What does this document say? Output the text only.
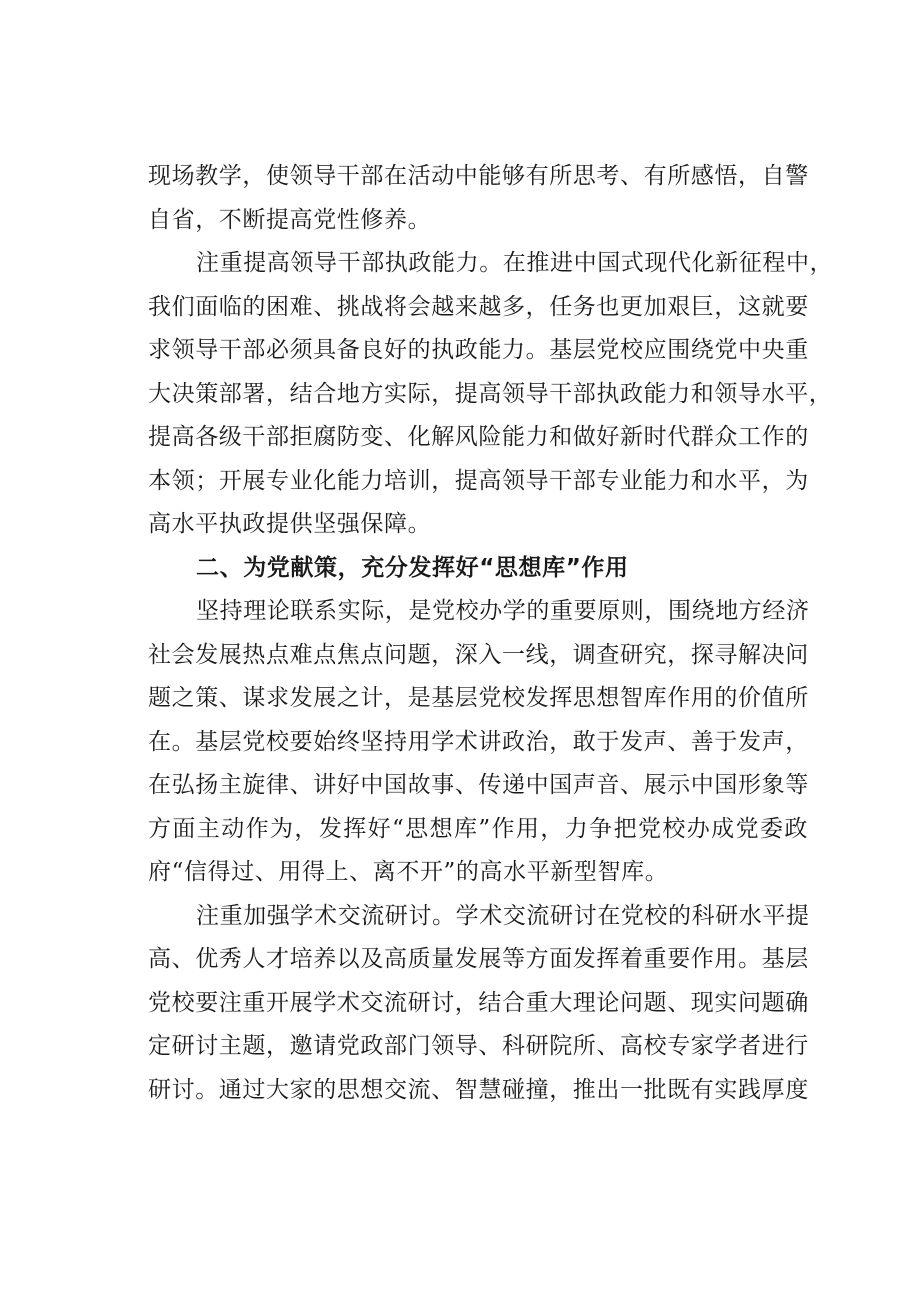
现场教学，使领导干部在活动中能够有所思考、有所感悟，自警
自省，不断提高党性修养。
注重提高领导干部执政能力。在推进中国式现代化新征程中，
我们面临的困难、挑战将会越来越多，任务也更加艰巨，这就要
求领导干部必须具备良好的执政能力。基层党校应围绕党中央重
大决策部署，结合地方实际，提高领导干部执政能力和领导水平，
提高各级干部拒腐防变、化解风险能力和做好新时代群众工作的
本领；开展专业化能力培训，提高领导干部专业能力和水平，为
高水平执政提供坚强保障。
二、为党献策，充分发挥好“思想库”作用
坚持理论联系实际，是党校办学的重要原则，围绕地方经济
社会发展热点难点焦点问题，深入一线，调查研究，探寻解决问
题之策、谋求发展之计，是基层党校发挥思想智库作用的价值所
在。基层党校要始终坚持用学术讲政治，敢于发声、善于发声，
在弘扬主旋律、讲好中国故事、传递中国声音、展示中国形象等
方面主动作为，发挥好“思想库”作用，力争把党校办成党委政
府“信得过、用得上、离不开”的高水平新型智库。
注重加强学术交流研讨。学术交流研讨在党校的科研水平提
高、优秀人才培养以及高质量发展等方面发挥着重要作用。基层
党校要注重开展学术交流研讨，结合重大理论问题、现实问题确
定研讨主题，邀请党政部门领导、科研院所、高校专家学者进行
研讨。通过大家的思想交流、智慧碰撞，推出一批既有实践厚度
